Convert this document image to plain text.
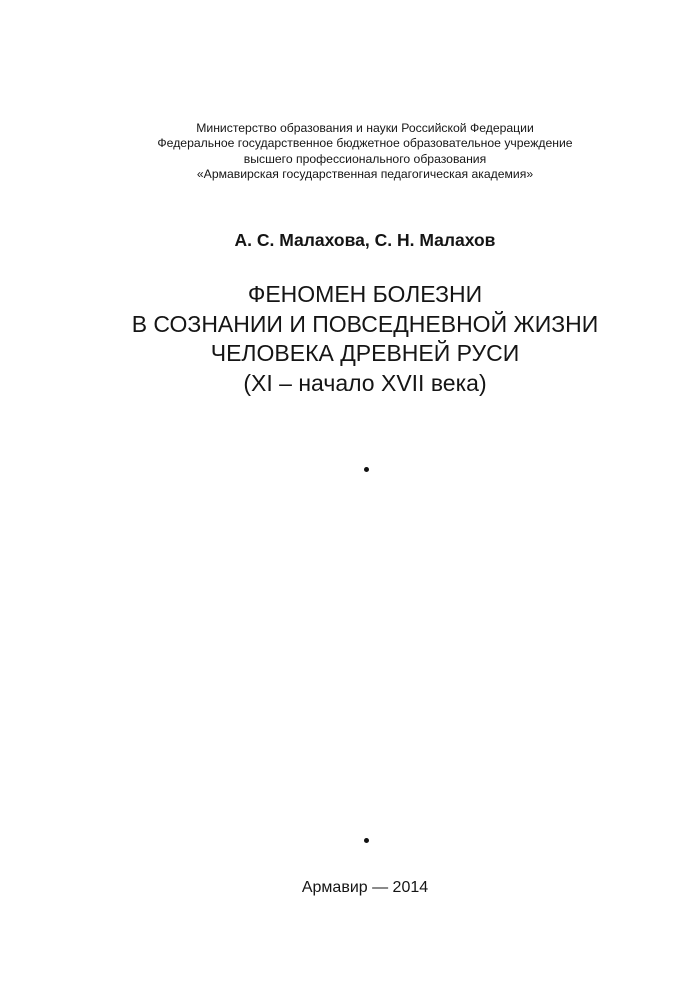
Министерство образования и науки Российской Федерации
Федеральное государственное бюджетное образовательное учреждение
высшего профессионального образования
«Армавирская государственная педагогическая академия»
А. С. Малахова, С. Н. Малахов
ФЕНОМЕН БОЛЕЗНИ
В СОЗНАНИИ И ПОВСЕДНЕВНОЙ ЖИЗНИ
ЧЕЛОВЕКА ДРЕВНЕЙ РУСИ
(XI – начало XVII века)
Армавир — 2014
